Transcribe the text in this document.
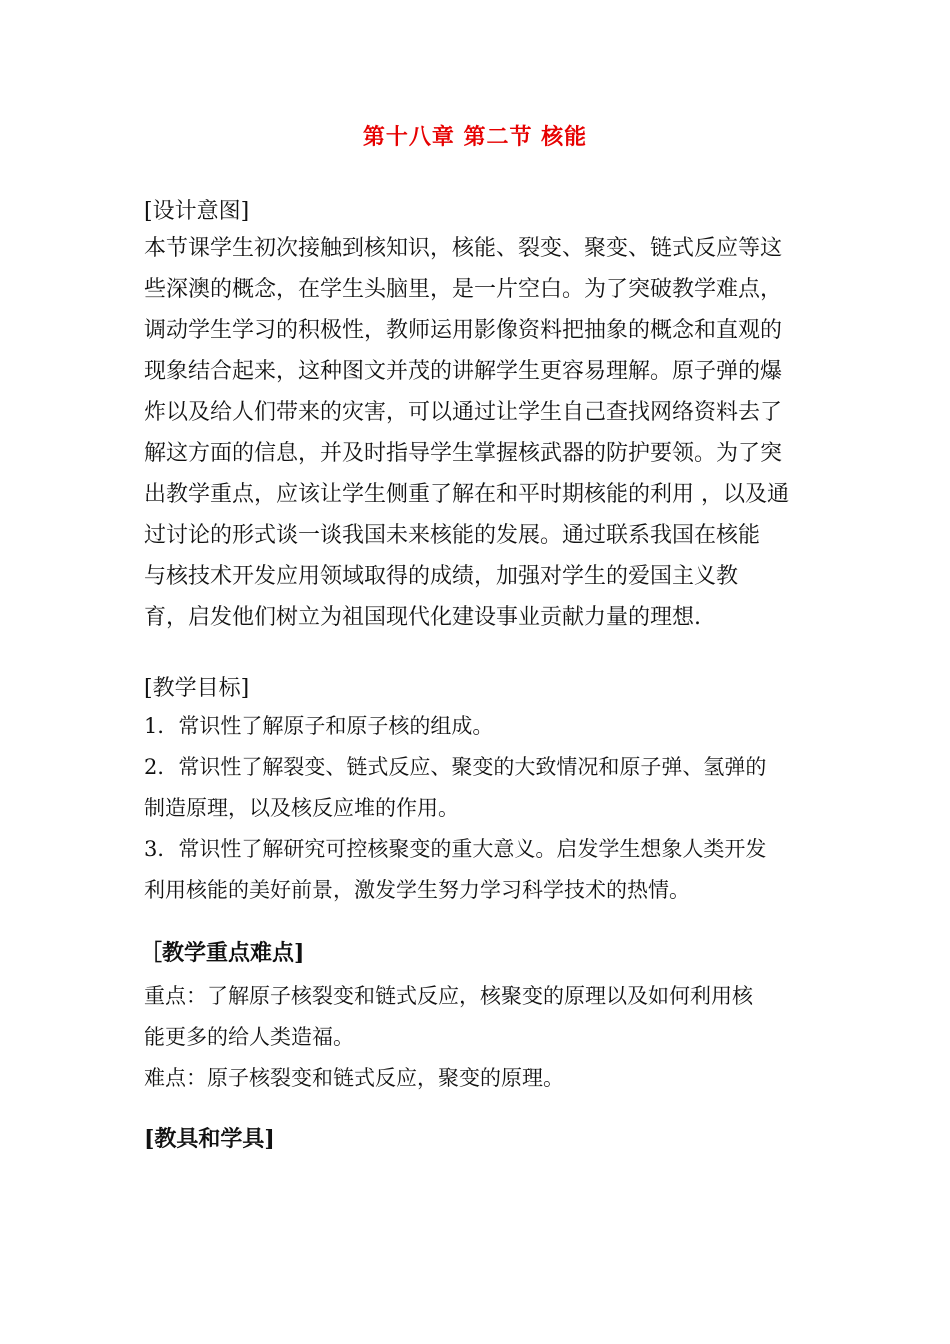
第十八章 第二节 核能
[设计意图]
本节课学生初次接触到核知识，核能、裂变、聚变、链式反应等这
些深澳的概念，在学生头脑里，是一片空白。为了突破教学难点，
调动学生学习的积极性，教师运用影像资料把抽象的概念和直观的
现象结合起来，这种图文并茂的讲解学生更容易理解。原子弹的爆
炸以及给人们带来的灾害，可以通过让学生自己查找网络资料去了
解这方面的信息，并及时指导学生掌握核武器的防护要领。为了突
出教学重点，应该让学生侧重了解在和平时期核能的利用 ，以及通
过讨论的形式谈一谈我国未来核能的发展。通过联系我国在核能
与核技术开发应用领域取得的成绩，加强对学生的爱国主义教
育，启发他们树立为祖国现代化建设事业贡献力量的理想.
[教学目标]
1．常识性了解原子和原子核的组成。
2．常识性了解裂变、链式反应、聚变的大致情况和原子弹、氢弹的
制造原理，以及核反应堆的作用。
3．常识性了解研究可控核聚变的重大意义。启发学生想象人类开发
利用核能的美好前景，激发学生努力学习科学技术的热情。
［教学重点难点]
重点：了解原子核裂变和链式反应，核聚变的原理以及如何利用核
能更多的给人类造福。
难点：原子核裂变和链式反应，聚变的原理。
[教具和学具]
